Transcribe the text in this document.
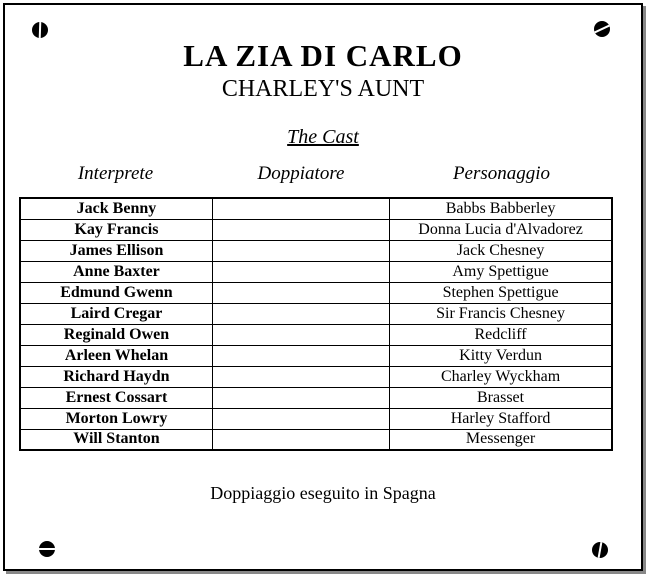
LA ZIA DI CARLO
CHARLEY'S AUNT
The Cast
Interprete	Doppiatore	Personaggio
Jack Benny		Babbs Babberley
Kay Francis		Donna Lucia d'Alvadorez
James Ellison		Jack Chesney
Anne Baxter		Amy Spettigue
Edmund Gwenn		Stephen Spettigue
Laird Cregar		Sir Francis Chesney
Reginald Owen		Redcliff
Arleen Whelan		Kitty Verdun
Richard Haydn		Charley Wyckham
Ernest Cossart		Brasset
Morton Lowry		Harley Stafford
Will Stanton		Messenger
Doppiaggio eseguito in Spagna
